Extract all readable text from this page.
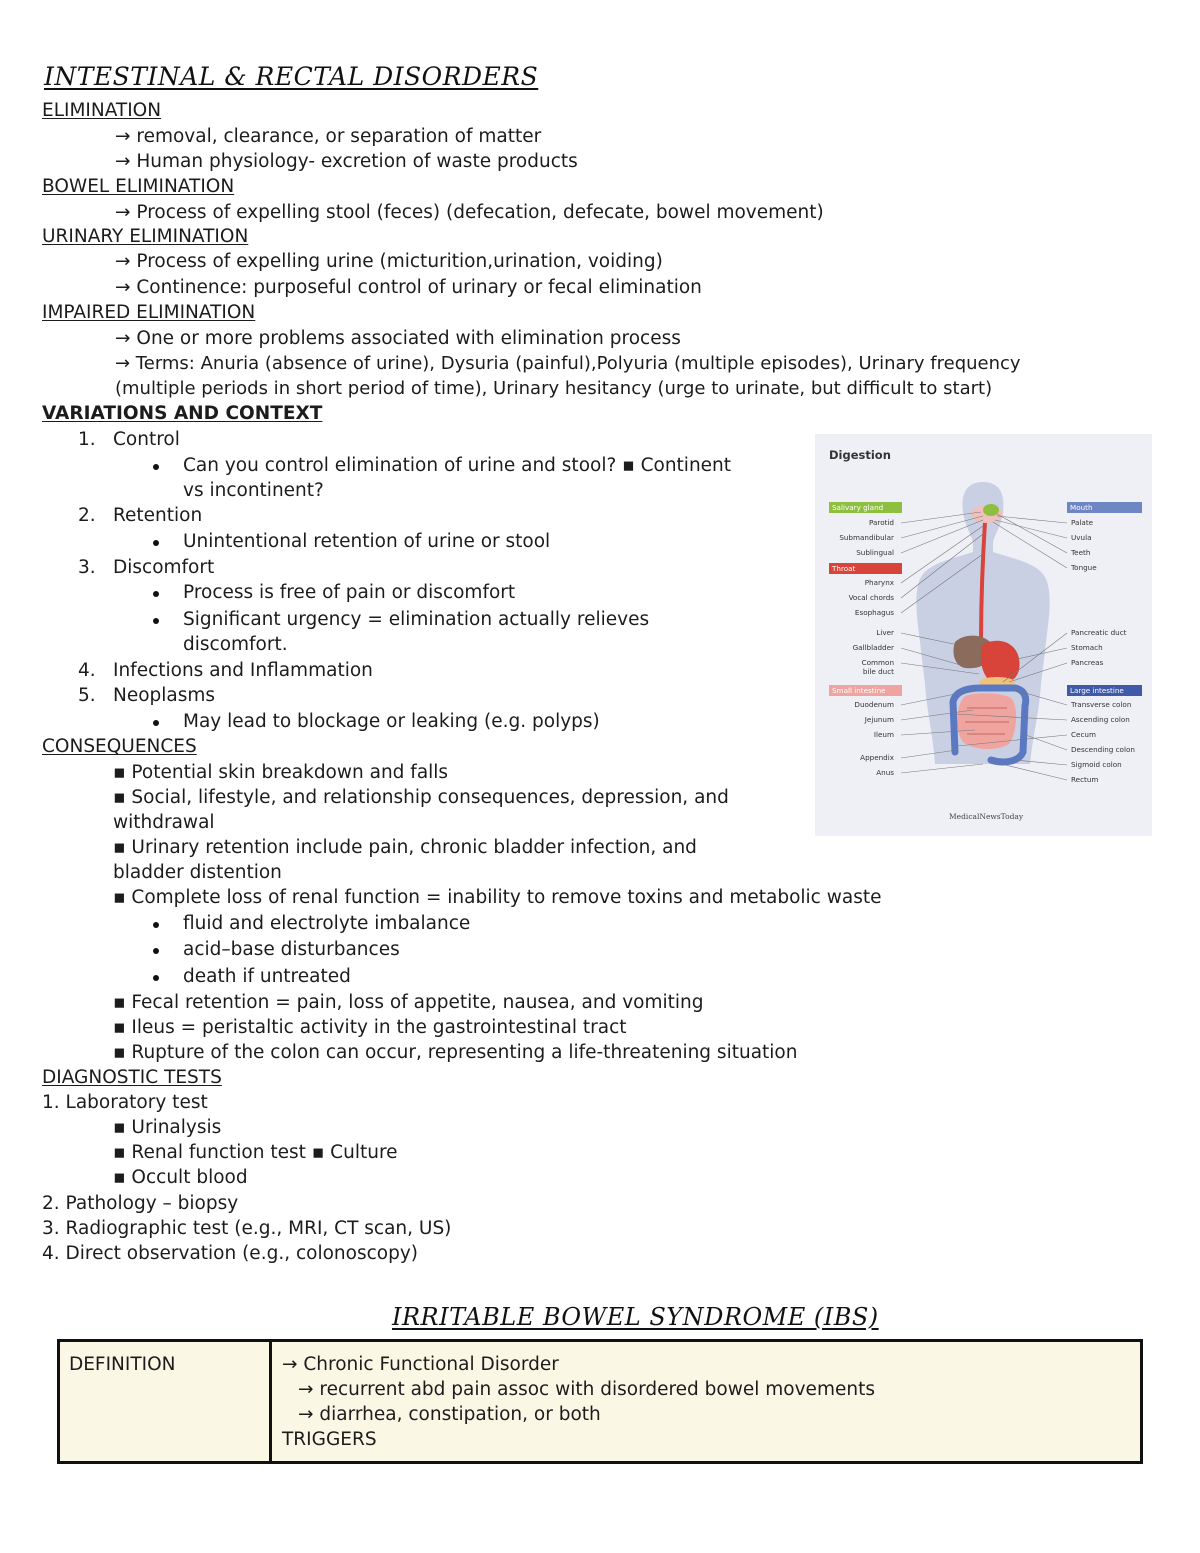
INTESTINAL & RECTAL DISORDERS
ELIMINATION
→ removal, clearance, or separation of matter
→ Human physiology- excretion of waste products
BOWEL ELIMINATION
→ Process of expelling stool (feces) (defecation, defecate, bowel movement)
URINARY ELIMINATION
→ Process of expelling urine (micturition,urination, voiding)
→ Continence: purposeful control of urinary or fecal elimination
IMPAIRED ELIMINATION
→ One or more problems associated with elimination process
→ Terms: Anuria (absence of urine), Dysuria (painful),Polyuria (multiple episodes), Urinary frequency
(multiple periods in short period of time), Urinary hesitancy (urge to urinate, but difficult to start)
VARIATIONS AND CONTEXT
1. Control
Can you control elimination of urine and stool? ▪ Continent
vs incontinent?
2. Retention
Unintentional retention of urine or stool
3. Discomfort
Process is free of pain or discomfort
Significant urgency = elimination actually relieves
discomfort.
4. Infections and Inflammation
5. Neoplasms
May lead to blockage or leaking (e.g. polyps)
CONSEQUENCES
▪ Potential skin breakdown and falls
▪ Social, lifestyle, and relationship consequences, depression, and
withdrawal
▪ Urinary retention include pain, chronic bladder infection, and
bladder distention
▪ Complete loss of renal function = inability to remove toxins and metabolic waste
fluid and electrolyte imbalance
acid–base disturbances
death if untreated
▪ Fecal retention = pain, loss of appetite, nausea, and vomiting
▪ Ileus = peristaltic activity in the gastrointestinal tract
▪ Rupture of the colon can occur, representing a life-threatening situation
DIAGNOSTIC TESTS
1. Laboratory test
▪ Urinalysis
▪ Renal function test ▪ Culture
▪ Occult blood
2. Pathology – biopsy
3. Radiographic test (e.g., MRI, CT scan, US)
4. Direct observation (e.g., colonoscopy)
Digestion
Salivary gland
Throat
Small intestine
Mouth
Large intestine
Parotid
Submandibular
Sublingual
Pharynx
Vocal chords
Esophagus
Liver
Gallbladder
Common
bile duct
Duodenum
Jejunum
Ileum
Appendix
Anus
Palate
Uvula
Teeth
Tongue
Pancreatic duct
Stomach
Pancreas
Transverse colon
Ascending colon
Cecum
Descending colon
Sigmoid colon
Rectum
MedicalNewsToday
IRRITABLE BOWEL SYNDROME (IBS)
DEFINITION	→ Chronic Functional Disorder
→ recurrent abd pain assoc with disordered bowel movements
→ diarrhea, constipation, or both
TRIGGERS
